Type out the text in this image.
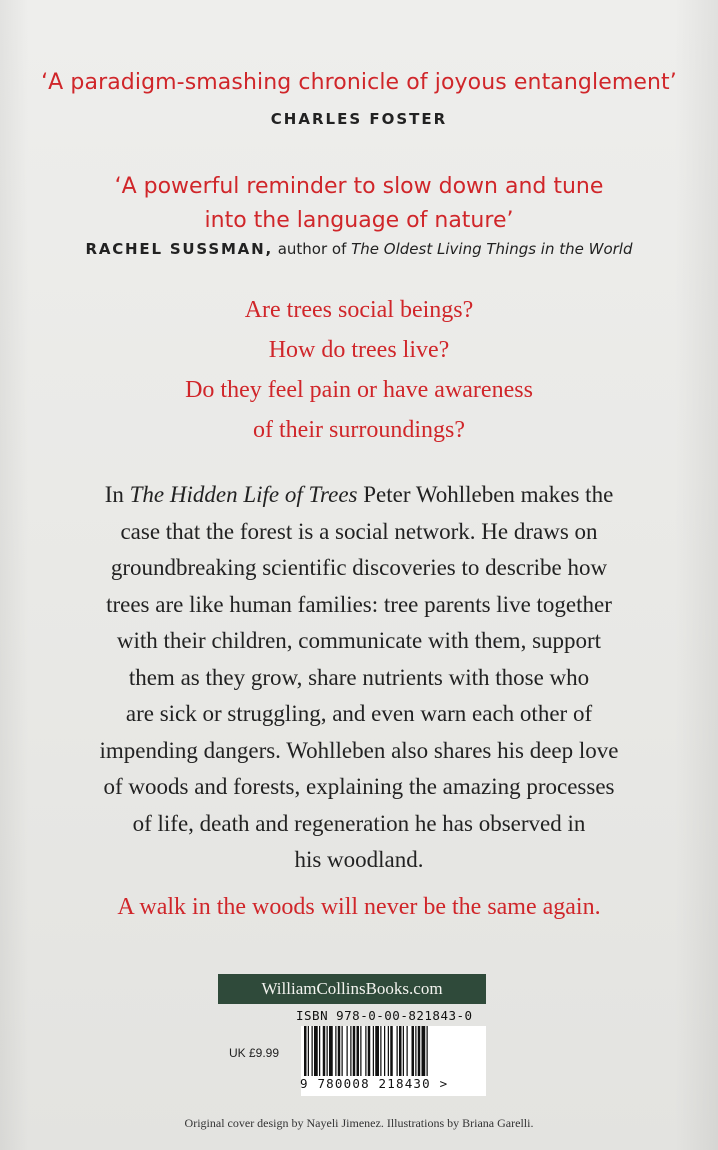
‘A paradigm-smashing chronicle of joyous entanglement’
CHARLES FOSTER
‘A powerful reminder to slow down and tune
into the language of nature’
RACHEL SUSSMAN, author of The Oldest Living Things in the World
Are trees social beings?
How do trees live?
Do they feel pain or have awareness
of their surroundings?
In The Hidden Life of Trees Peter Wohlleben makes the
case that the forest is a social network. He draws on
groundbreaking scientific discoveries to describe how
trees are like human families: tree parents live together
with their children, communicate with them, support
them as they grow, share nutrients with those who
are sick or struggling, and even warn each other of
impending dangers. Wohlleben also shares his deep love
of woods and forests, explaining the amazing processes
of life, death and regeneration he has observed in
his woodland.
A walk in the woods will never be the same again.
WilliamCollinsBooks.com
ISBN 978-0-00-821843-0
UK £9.99
9 780008 218430 >
Original cover design by Nayeli Jimenez. Illustrations by Briana Garelli.
